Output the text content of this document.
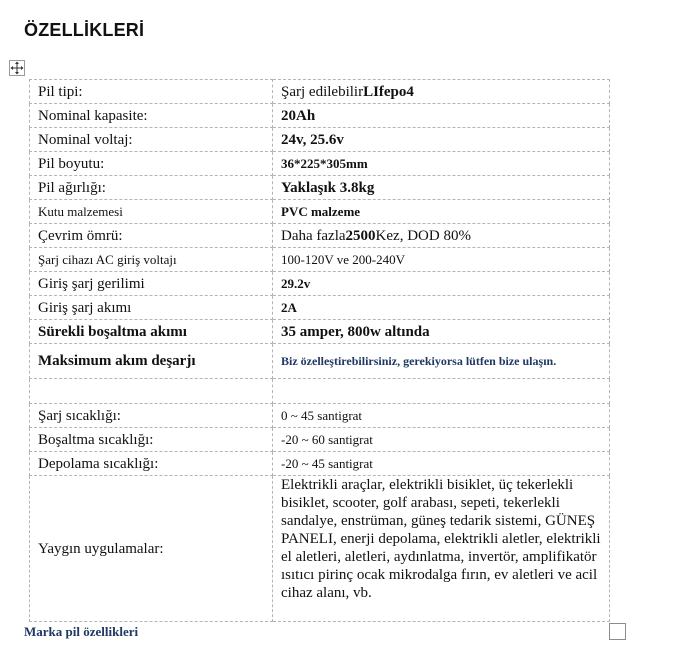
ÖZELLİKLERİ
Pil tipi:	Şarj edilebilirLIfepo4
Nominal kapasite:	20Ah
Nominal voltaj:	24v, 25.6v
Pil boyutu:	36*225*305mm
Pil ağırlığı:	Yaklaşık 3.8kg
Kutu malzemesi	PVC malzeme
Çevrim ömrü:	Daha fazla2500Kez, DOD 80%
Şarj cihazı AC giriş voltajı	100-120V ve 200-240V
Giriş şarj gerilimi	29.2v
Giriş şarj akımı	2A
Sürekli boşaltma akımı	35 amper, 800w altında
Maksimum akım deşarjı	Biz özelleştirebilirsiniz, gerekiyorsa lütfen bize ulaşın.

Şarj sıcaklığı:	0 ~ 45 santigrat
Boşaltma sıcaklığı:	-20 ~ 60 santigrat
Depolama sıcaklığı:	-20 ~ 45 santigrat
Yaygın uygulamalar:	Elektrikli araçlar, elektrikli bisiklet, üç tekerlekli bisiklet, scooter, golf arabası, sepeti, tekerlekli sandalye, enstrüman, güneş tedarik sistemi, GÜNEŞ PANELI, enerji depolama, elektrikli aletler, elektrikli el aletleri, aletleri, aydınlatma, invertör, amplifikatör ısıtıcı pirinç ocak mikrodalga fırın, ev aletleri ve acil cihaz alanı, vb.
Marka pil özellikleri
